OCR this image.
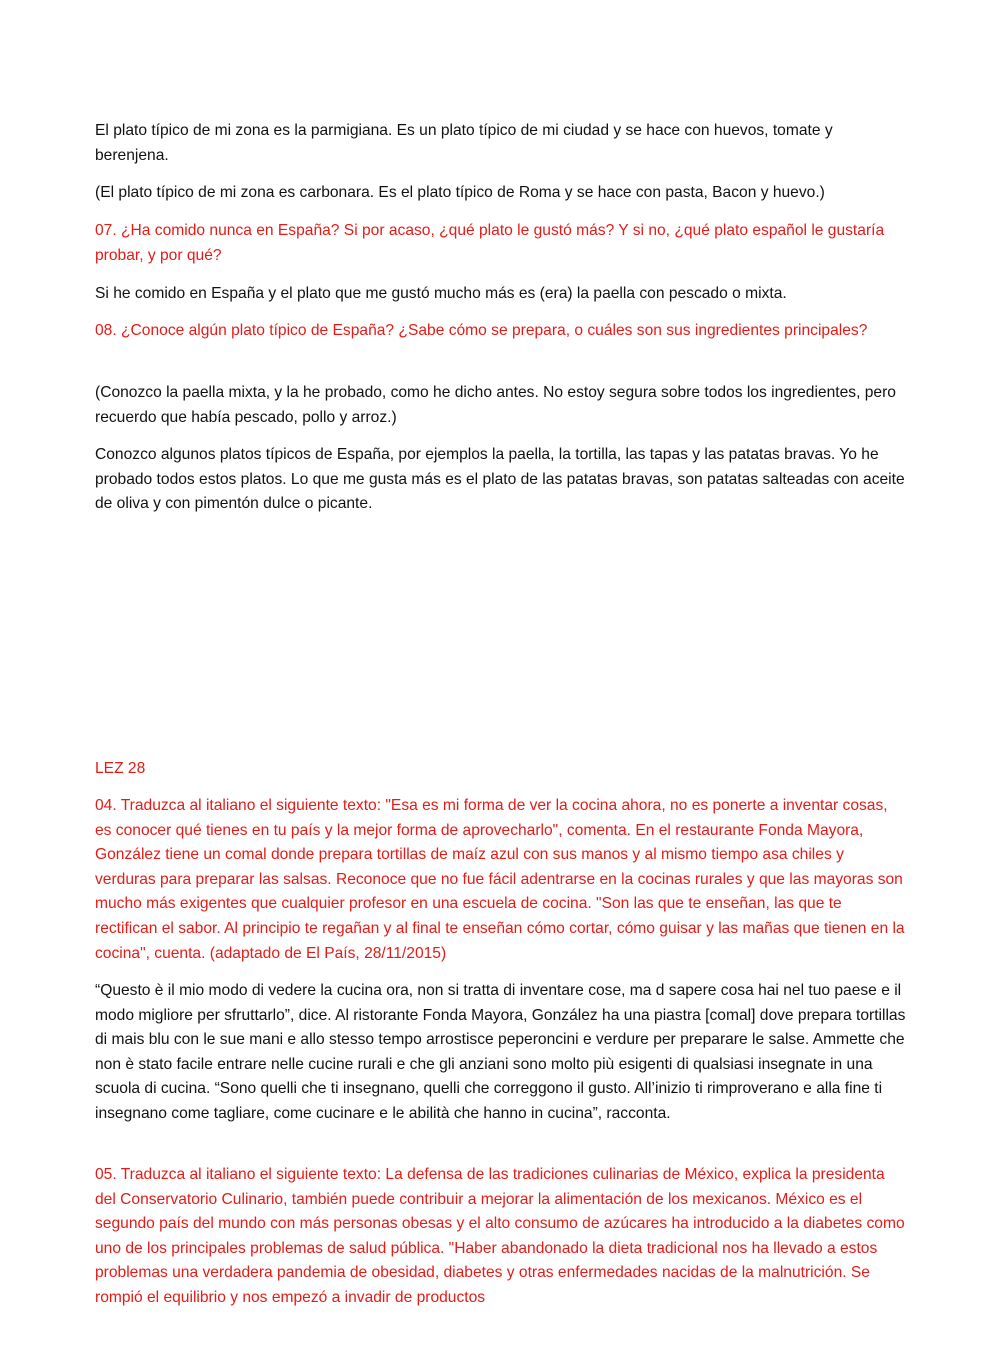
El plato típico de mi zona es la parmigiana. Es un plato típico de mi ciudad y se hace con huevos, tomate y berenjena.

(El plato típico de mi zona es carbonara. Es el plato típico de Roma y se hace con pasta, Bacon y huevo.)

07. ¿Ha comido nunca en España? Si por acaso, ¿qué plato le gustó más? Y si no, ¿qué plato español le gustaría probar, y por qué?

Si he comido en España y el plato que me gustó mucho más es (era) la paella con pescado o mixta.

08. ¿Conoce algún plato típico de España? ¿Sabe cómo se prepara, o cuáles son sus ingredientes principales?

(Conozco la paella mixta, y la he probado, como he dicho antes. No estoy segura sobre todos los ingredientes, pero recuerdo que había pescado, pollo y arroz.)

Conozco algunos platos típicos de España, por ejemplos la paella, la tortilla, las tapas y las patatas bravas. Yo he probado todos estos platos. Lo que me gusta más es el plato de las patatas bravas, son patatas salteadas con aceite de oliva y con pimentón dulce o picante.

LEZ 28

04. Traduzca al italiano el siguiente texto: "Esa es mi forma de ver la cocina ahora, no es ponerte a inventar cosas, es conocer qué tienes en tu país y la mejor forma de aprovecharlo", comenta. En el restaurante Fonda Mayora, González tiene un comal donde prepara tortillas de maíz azul con sus manos y al mismo tiempo asa chiles y verduras para preparar las salsas. Reconoce que no fue fácil adentrarse en la cocinas rurales y que las mayoras son mucho más exigentes que cualquier profesor en una escuela de cocina. "Son las que te enseñan, las que te rectifican el sabor. Al principio te regañan y al final te enseñan cómo cortar, cómo guisar y las mañas que tienen en la cocina", cuenta. (adaptado de El País, 28/11/2015)

“Questo è il mio modo di vedere la cucina ora, non si tratta di inventare cose, ma d sapere cosa hai nel tuo paese e il modo migliore per sfruttarlo”, dice. Al ristorante Fonda Mayora, González ha una piastra [comal] dove prepara tortillas di mais blu con le sue mani e allo stesso tempo arrostisce peperoncini e verdure per preparare le salse. Ammette che non è stato facile entrare nelle cucine rurali e che gli anziani sono molto più esigenti di qualsiasi insegnate in una scuola di cucina. “Sono quelli che ti insegnano, quelli che correggono il gusto. All’inizio ti rimproverano e alla fine ti insegnano come tagliare, come cucinare e le abilità che hanno in cucina”, racconta.

05. Traduzca al italiano el siguiente texto: La defensa de las tradiciones culinarias de México, explica la presidenta del Conservatorio Culinario, también puede contribuir a mejorar la alimentación de los mexicanos. México es el segundo país del mundo con más personas obesas y el alto consumo de azúcares ha introducido a la diabetes como uno de los principales problemas de salud pública. "Haber abandonado la dieta tradicional nos ha llevado a estos problemas una verdadera pandemia de obesidad, diabetes y otras enfermedades nacidas de la malnutrición. Se rompió el equilibrio y nos empezó a invadir de productos
